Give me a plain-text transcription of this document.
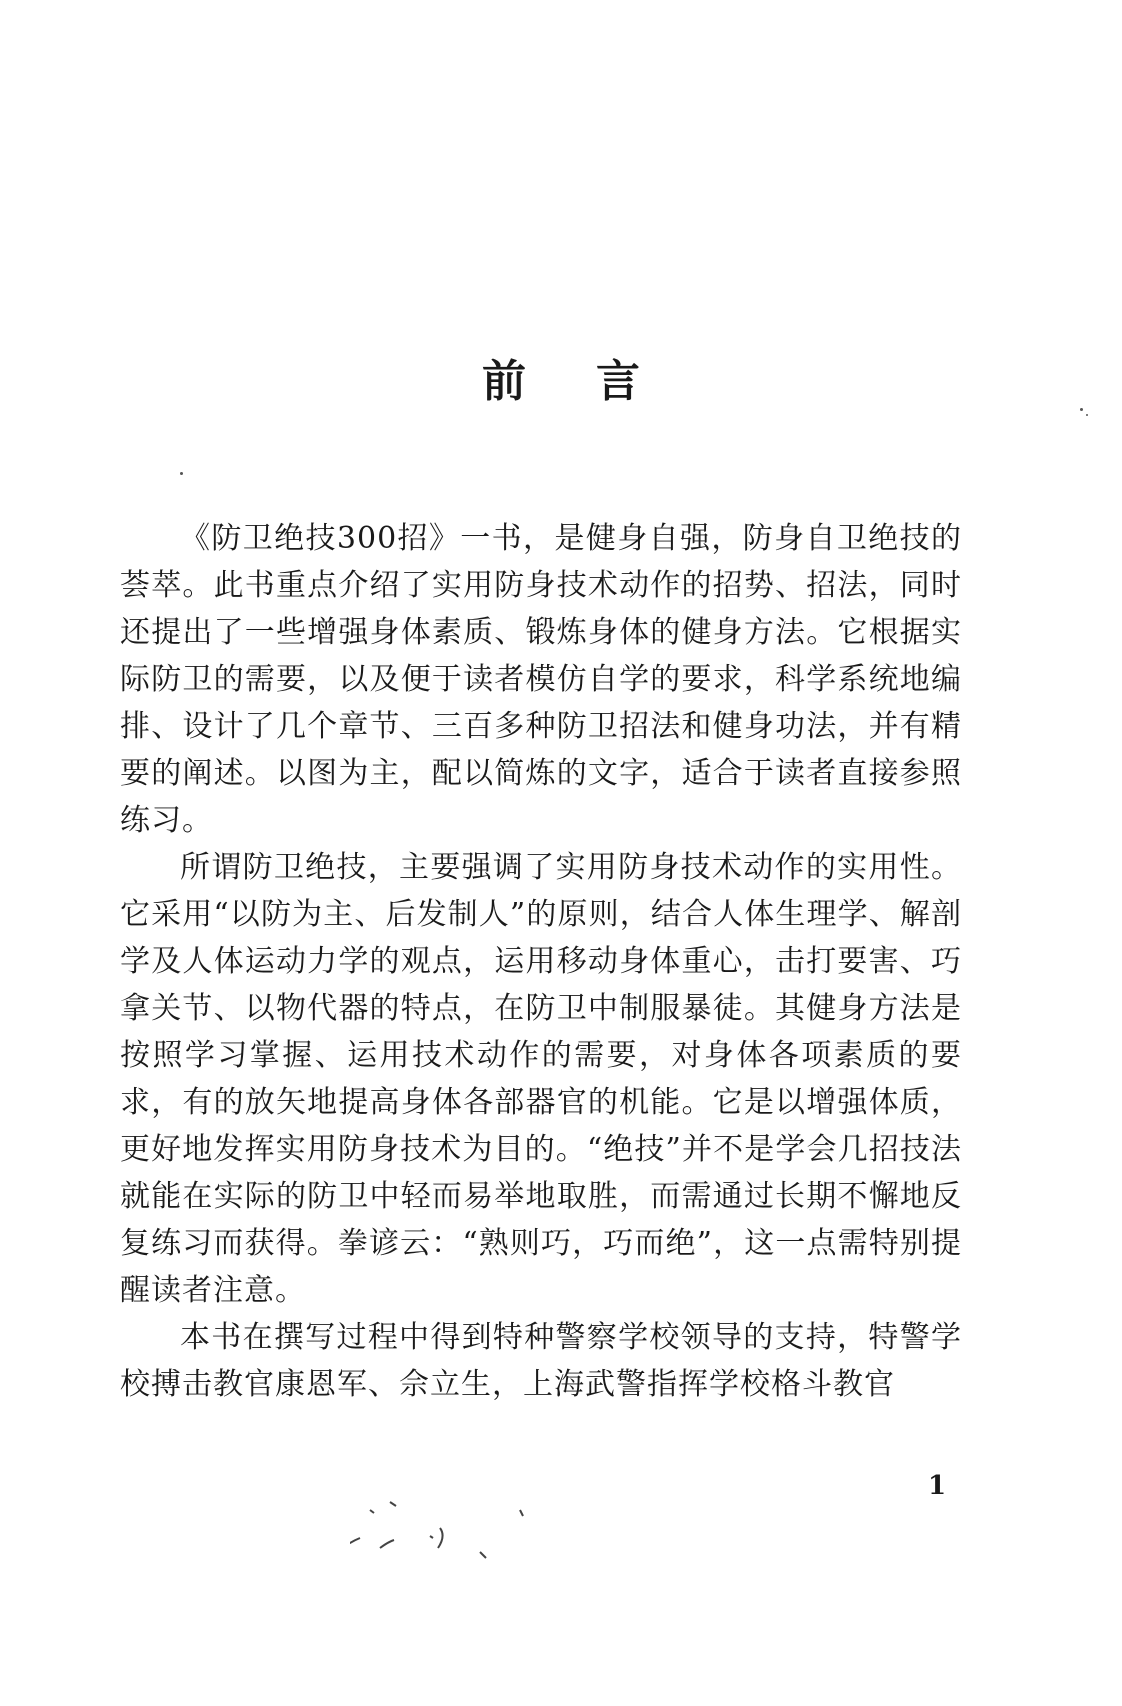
前言

《防卫绝技300招》一书，是健身自强，防身自卫绝技的荟萃。此书重点介绍了实用防身技术动作的招势、招法，同时还提出了一些增强身体素质、锻炼身体的健身方法。它根据实际防卫的需要，以及便于读者模仿自学的要求，科学系统地编排、设计了几个章节、三百多种防卫招法和健身功法，并有精要的阐述。以图为主，配以简炼的文字，适合于读者直接参照练习。

所谓防卫绝技，主要强调了实用防身技术动作的实用性。它采用“以防为主、后发制人”的原则，结合人体生理学、解剖学及人体运动力学的观点，运用移动身体重心，击打要害、巧拿关节、以物代器的特点，在防卫中制服暴徒。其健身方法是按照学习掌握、运用技术动作的需要，对身体各项素质的要求，有的放矢地提高身体各部器官的机能。它是以增强体质，更好地发挥实用防身技术为目的。“绝技”并不是学会几招技法就能在实际的防卫中轻而易举地取胜，而需通过长期不懈地反复练习而获得。拳谚云：“熟则巧，巧而绝”，这一点需特别提醒读者注意。

本书在撰写过程中得到特种警察学校领导的支持，特警学校搏击教官康恩军、佘立生，上海武警指挥学校格斗教官

1
